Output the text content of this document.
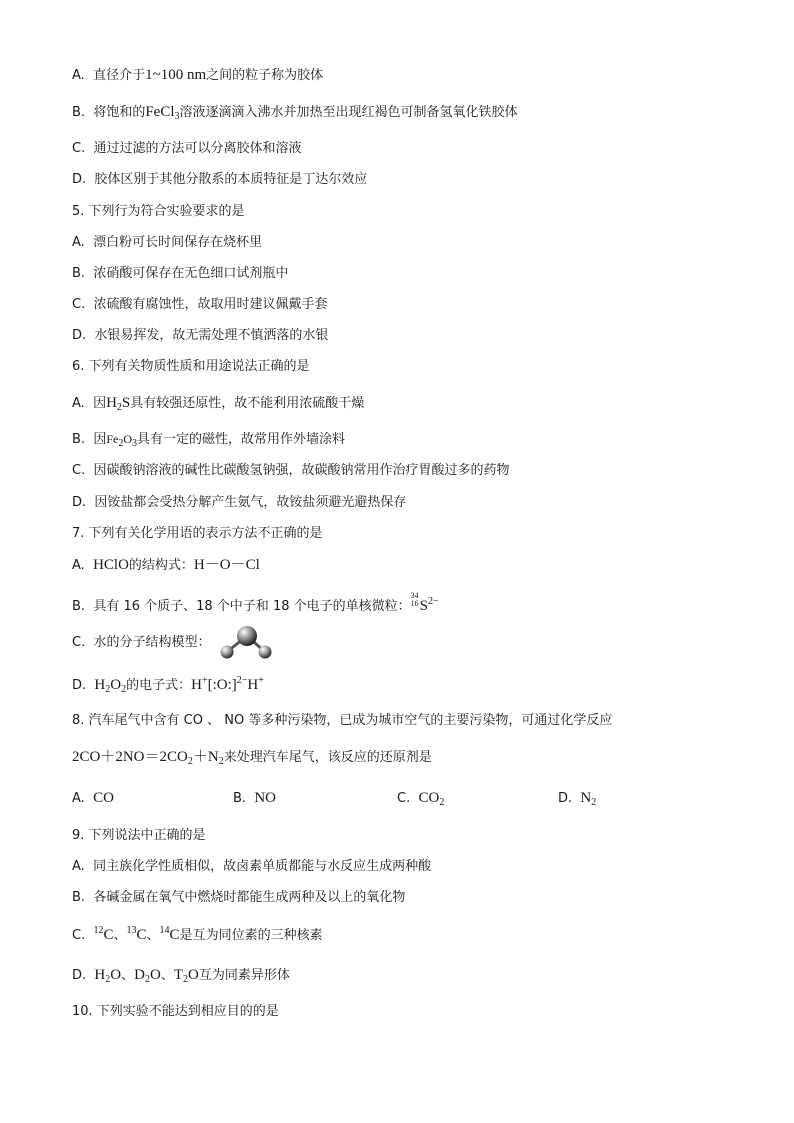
A. 直径介于1~100 nm之间的粒子称为胶体
B. 将饱和的FeCl$_3$溶液逐滴滴入沸水并加热至出现红褐色可制备氢氧化铁胶体
C. 通过过滤的方法可以分离胶体和溶液
D. 胶体区别于其他分散系的本质特征是丁达尔效应
5. 下列行为符合实验要求的是
A. 漂白粉可长时间保存在烧杯里
B. 浓硝酸可保存在无色细口试剂瓶中
C. 浓硫酸有腐蚀性，故取用时建议佩戴手套
D. 水银易挥发，故无需处理不慎洒落的水银
6. 下列有关物质性质和用途说法正确的是
A. 因$H_2S$具有较强还原性，故不能利用浓硫酸干燥
B. 因$Fe_2O_3$具有一定的磁性，故常用作外墙涂料
C. 因碳酸钠溶液的碱性比碳酸氢钠强，故碳酸钠常用作治疗胃酸过多的药物
D. 因铵盐都会受热分解产生氨气，故铵盐须避光避热保存
7. 下列有关化学用语的表示方法不正确的是
A. HClO的结构式：H－O－Cl
B. 具有 16 个质子、18 个中子和 18 个电子的单核微粒：
34
16 $S^{2-}$
C. 水的分子结构模型：
D. $H_2O_2$的电子式：H+[:O:]$^{2-}$H+
8. 汽车尾气中含有 CO 、 NO 等多种污染物，已成为城市空气的主要污染物，可通过化学反应
$2CO+2NO=2CO_2+N_2$来处理汽车尾气，该反应的还原剂是
A. CO	B. NO	C. $CO_2$	D. $N_2$
9. 下列说法中正确的是
A. 同主族化学性质相似，故卤素单质都能与水反应生成两种酸
B. 各碱金属在氧气中燃烧时都能生成两种及以上的氧化物
C. $^{12}$C、$^{13}$C、$^{14}$C是互为同位素的三种核素
D. $H_2O$、$D_2O$、$T_2O$互为同素异形体
10. 下列实验不能达到相应目的的是
